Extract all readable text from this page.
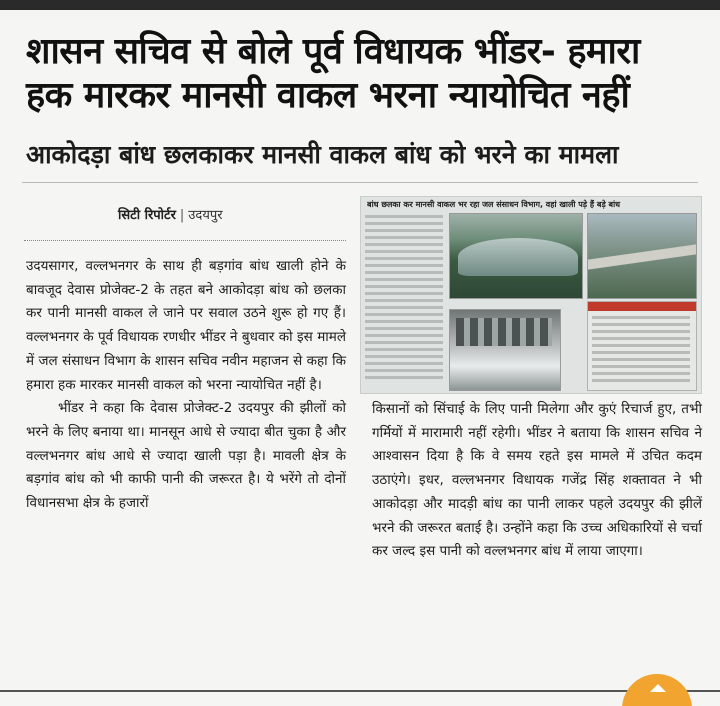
शासन सचिव से बोले पूर्व विधायक भींडर- हमारा
हक मारकर मानसी वाकल भरना न्यायोचित नहीं
आकोदड़ा बांध छलकाकर मानसी वाकल बांध को भरने का मामला
सिटी रिपोर्टर | उदयपुर
बांध छलका कर मानसी वाकल भर रहा जल संसाधन विभाग, वहां खाली पड़े हैं बड़े बांध

उदयसागर, वल्लभनगर के साथ ही बड़गांव बांध खाली होने के बावजूद देवास प्रोजेक्ट-2 के तहत बने आकोदड़ा बांध को छलका कर पानी मानसी वाकल ले जाने पर सवाल उठने शुरू हो गए हैं। वल्लभनगर के पूर्व विधायक रणधीर भींडर ने बुधवार को इस मामले में जल संसाधन विभाग के शासन सचिव नवीन महाजन से कहा कि हमारा हक मारकर मानसी वाकल को भरना न्यायोचित नहीं है।

भींडर ने कहा कि देवास प्रोजेक्ट-2 उदयपुर की झीलों को भरने के लिए बनाया था। मानसून आधे से ज्यादा बीत चुका है और वल्लभनगर बांध आधे से ज्यादा खाली पड़ा है। मावली क्षेत्र के बड़गांव बांध को भी काफी पानी की जरूरत है। ये भरेंगे तो दोनों विधानसभा क्षेत्र के हजारों

किसानों को सिंचाई के लिए पानी मिलेगा और कुएं रिचार्ज हुए, तभी गर्मियों में मारामारी नहीं रहेगी। भींडर ने बताया कि शासन सचिव ने आश्वासन दिया है कि वे समय रहते इस मामले में उचित कदम उठाएंगे। इधर, वल्लभनगर विधायक गजेंद्र सिंह शक्तावत ने भी आकोदड़ा और मादड़ी बांध का पानी लाकर पहले उदयपुर की झीलें भरने की जरूरत बताई है। उन्होंने कहा कि उच्च अधिकारियों से चर्चा कर जल्द इस पानी को वल्लभनगर बांध में लाया जाएगा।
